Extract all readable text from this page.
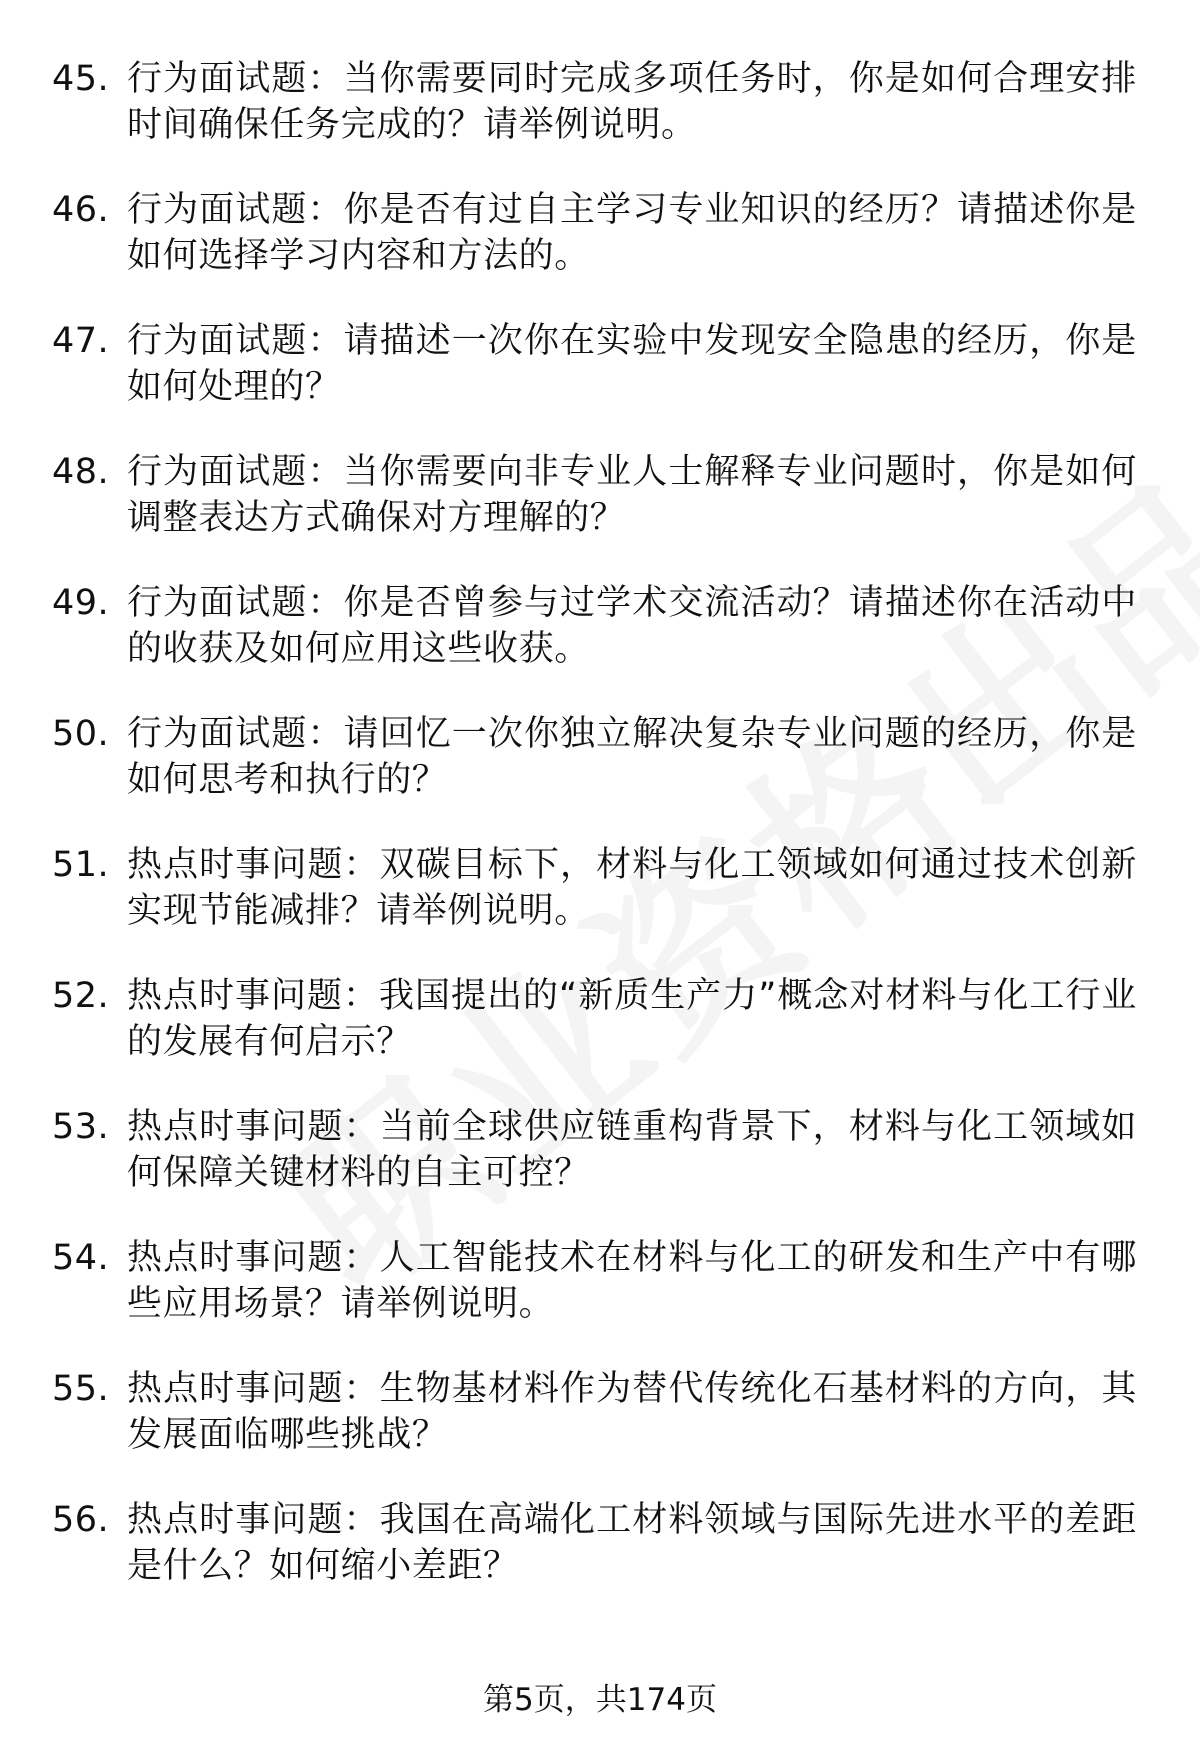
45. 行为面试题：当你需要同时完成多项任务时，你是如何合理安排时间确保任务完成的？请举例说明。
46. 行为面试题：你是否有过自主学习专业知识的经历？请描述你是如何选择学习内容和方法的。
47. 行为面试题：请描述一次你在实验中发现安全隐患的经历，你是如何处理的？
48. 行为面试题：当你需要向非专业人士解释专业问题时，你是如何调整表达方式确保对方理解的？
49. 行为面试题：你是否曾参与过学术交流活动？请描述你在活动中的收获及如何应用这些收获。
50. 行为面试题：请回忆一次你独立解决复杂专业问题的经历，你是如何思考和执行的？
51. 热点时事问题：双碳目标下，材料与化工领域如何通过技术创新实现节能减排？请举例说明。
52. 热点时事问题：我国提出的“新质生产力”概念对材料与化工行业的发展有何启示？
53. 热点时事问题：当前全球供应链重构背景下，材料与化工领域如何保障关键材料的自主可控？
54. 热点时事问题：人工智能技术在材料与化工的研发和生产中有哪些应用场景？请举例说明。
55. 热点时事问题：生物基材料作为替代传统化石基材料的方向，其发展面临哪些挑战？
56. 热点时事问题：我国在高端化工材料领域与国际先进水平的差距是什么？如何缩小差距？
第5页，共174页
